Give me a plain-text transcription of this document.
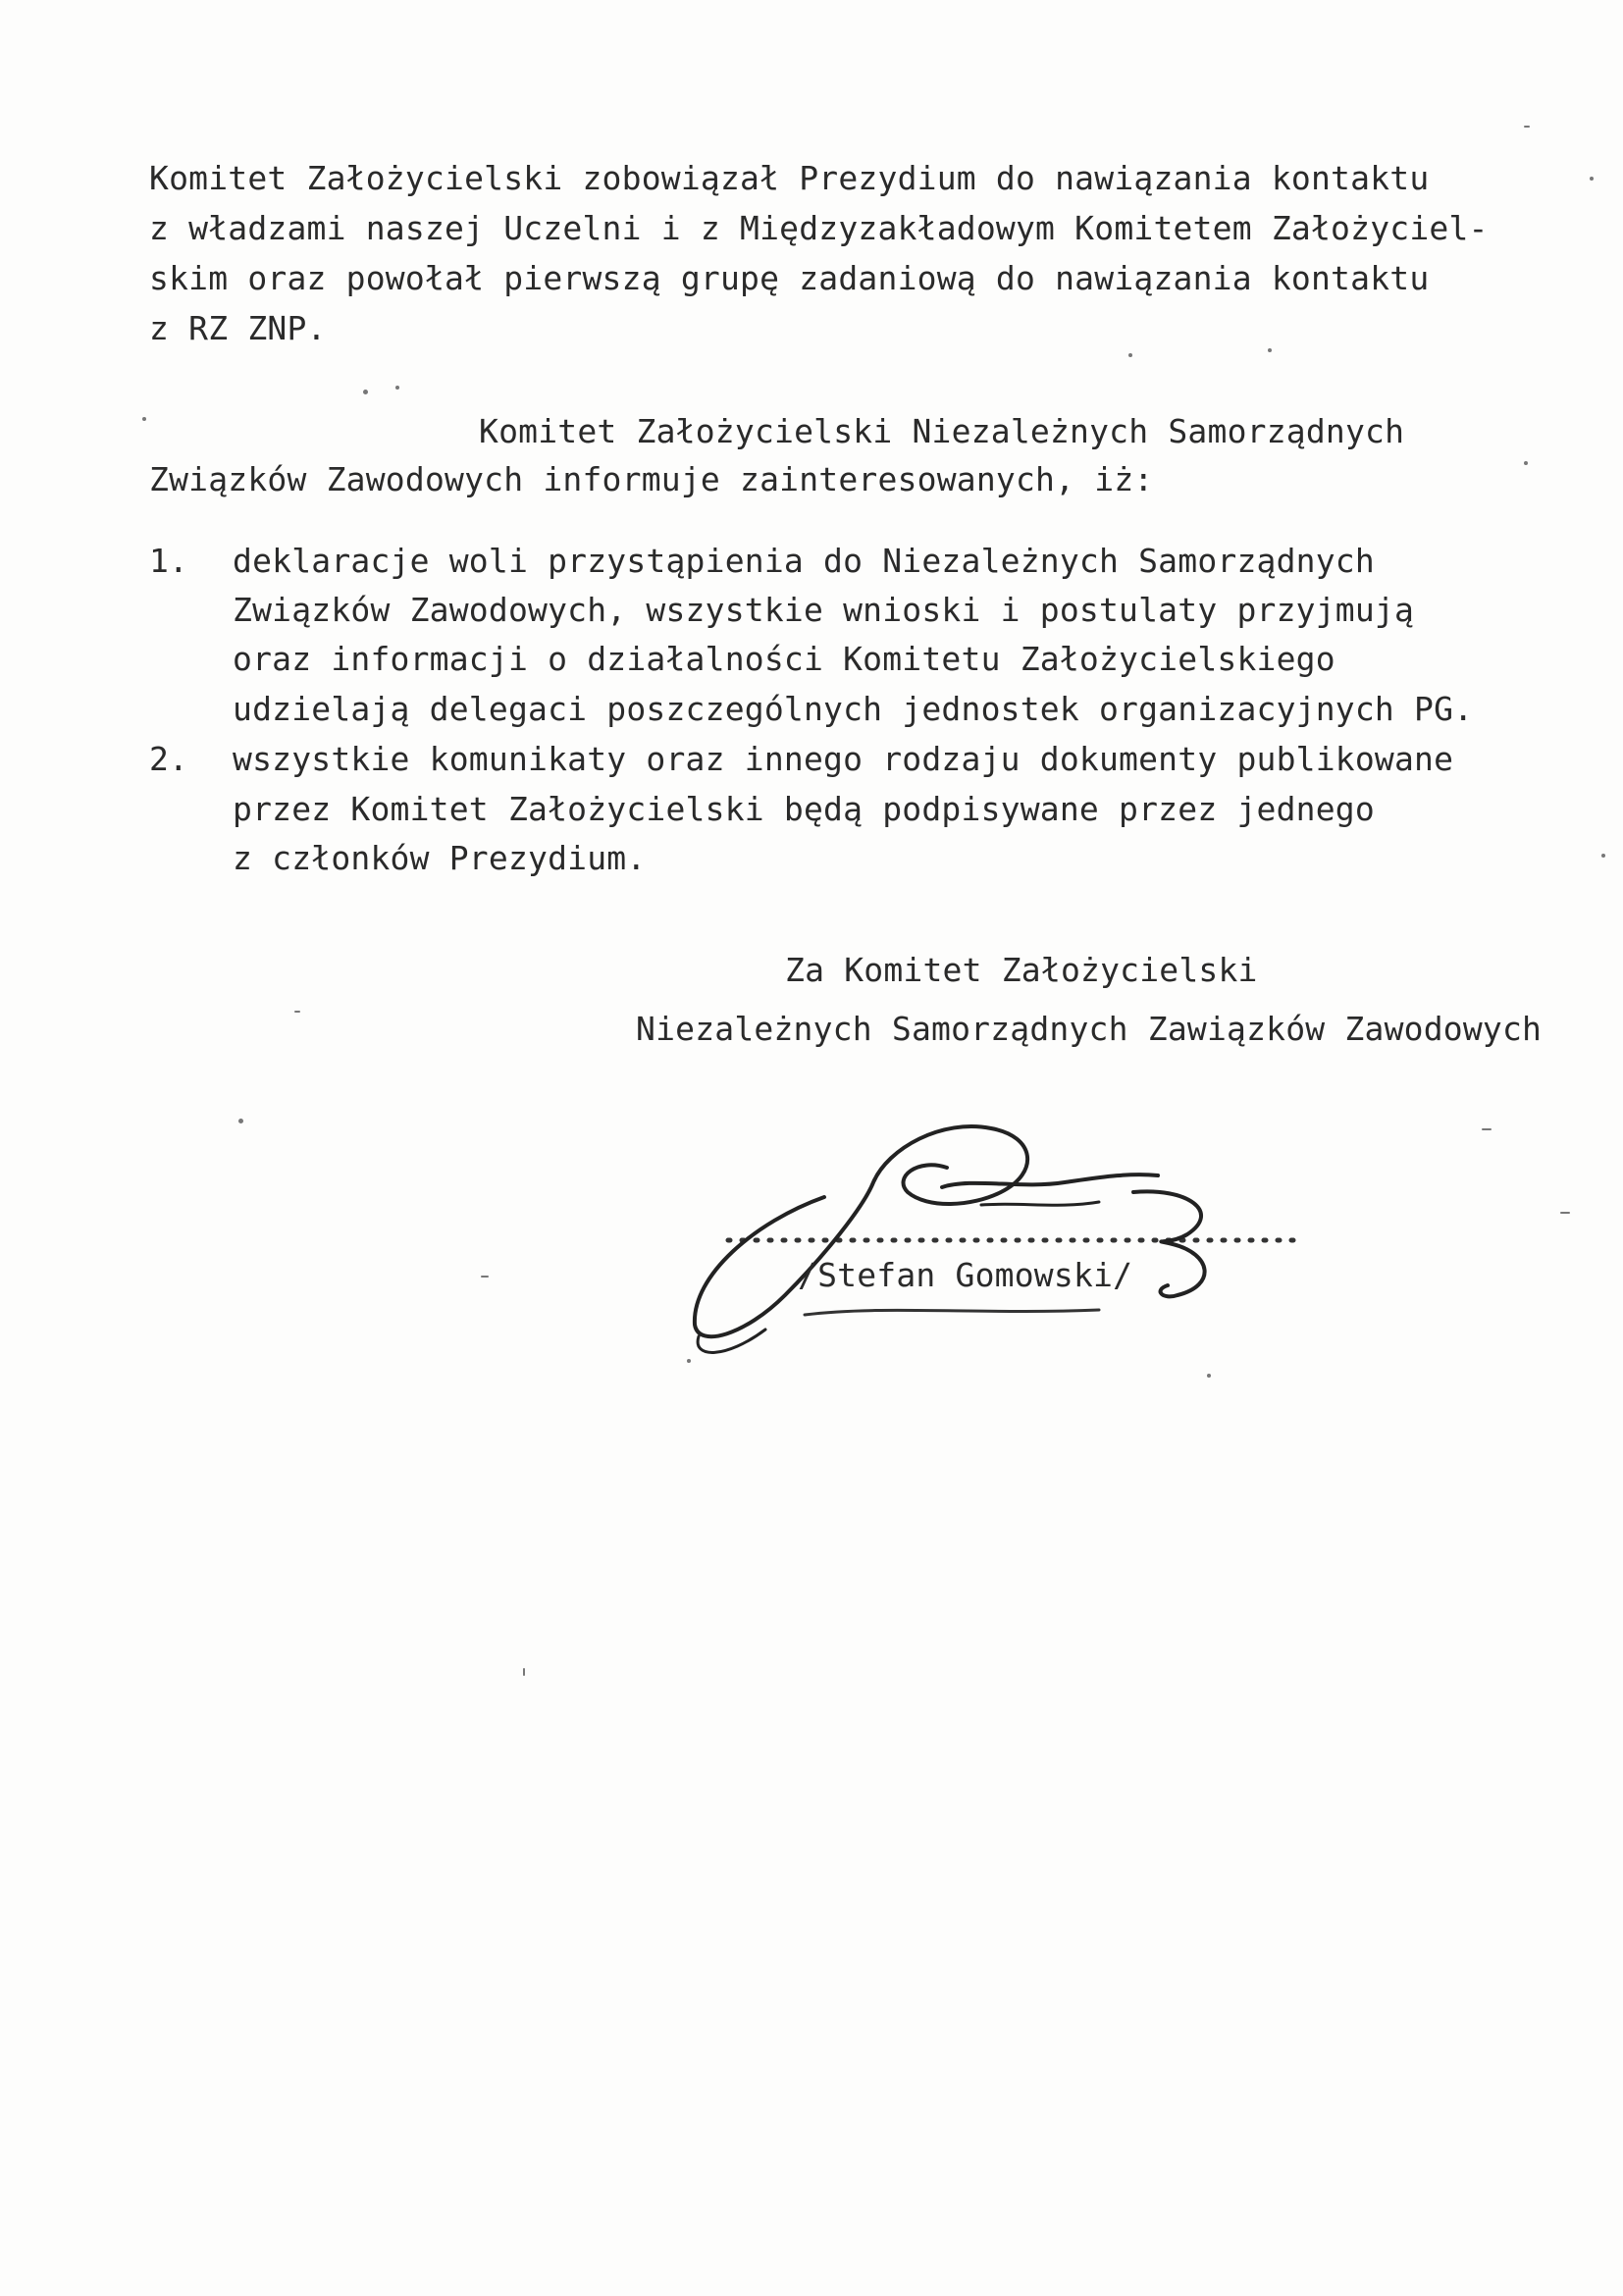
Komitet Założycielski zobowiązał Prezydium do nawiązania kontaktu
z władzami naszej Uczelni i z Międzyzakładowym Komitetem Założyciel-
skim oraz powołał pierwszą grupę zadaniową do nawiązania kontaktu
z RZ ZNP.
Komitet Założycielski Niezależnych Samorządnych
Związków Zawodowych informuje zainteresowanych, iż:
1. deklaracje woli przystąpienia do Niezależnych Samorządnych
Związków Zawodowych, wszystkie wnioski i postulaty przyjmują
oraz informacji o działalności Komitetu Założycielskiego
udzielają delegaci poszczególnych jednostek organizacyjnych PG.
2. wszystkie komunikaty oraz innego rodzaju dokumenty publikowane
przez Komitet Założycielski będą podpisywane przez jednego
z członków Prezydium.
Za Komitet Założycielski
Niezależnych Samorządnych Zawiązków Zawodowych
/Stefan Gomowski/
